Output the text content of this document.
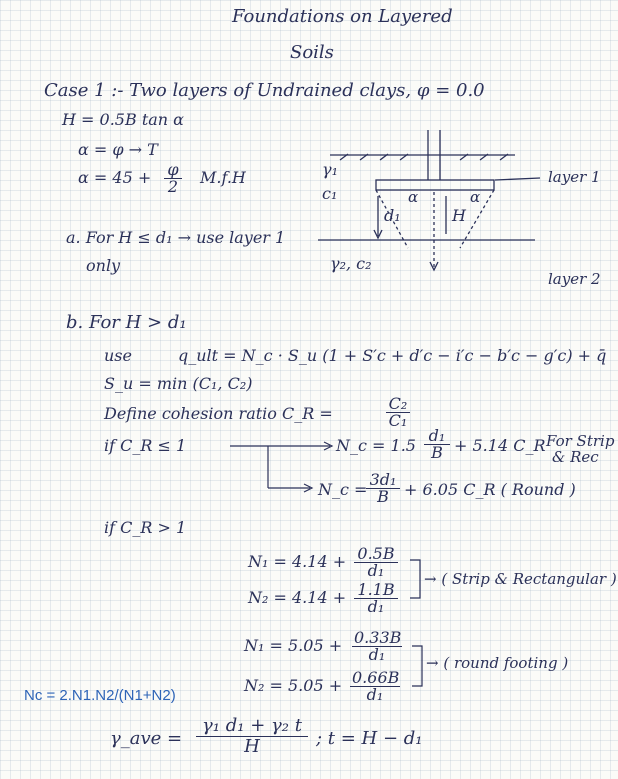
Foundations on Layered
Soils
Case 1 :- Two layers of Undrained clays, φ = 0.0
H = 0.5B tan α
α = φ → T
$\alpha = 45 + \frac{\varphi}{2} M.f.H$	γ₁
c₁	α	α
d₁	H
layer 1
γ₂, c₂
layer 2
a. For H ≤ d₁ → use layer 1
only
b. For H > d₁
use	q_ult = N_c · S_u (1 + S′c + d′c − i′c − b′c − g′c) + q̄
S_u = min (C₁, C₂)
Define cohesion ratio C_R =	$\frac{\text{C₂}}{\text{C₁}}$
if C_R ≤ 1	N_c = $1.5 \frac{\text{d₁}}{B} + 5.14$ C_R For Strip
& Rec
N_c =
$\frac{\text{3d₁}}{B} + 6.05$ C_R ( Round )
if C_R > 1
$N_1 = 4.14 + \frac{0.5B}{\text{d₁}}$
$N_2 = 4.14 + \frac{1.1B}{\text{d₁}}$
→ ( Strip & Rectangular )
$N_1 = 5.05 + \frac{0.33B}{\text{d₁}}$
$N_2 = 5.05 + \frac{0.66B}{\text{d₁}}$
→ ( round footing )
Nc = 2.N1.N2/(N1+N2)
γ_ave = $\frac{\text{γ₁ d₁ + γ₂ t}}{H}$ ; t = H − d₁
